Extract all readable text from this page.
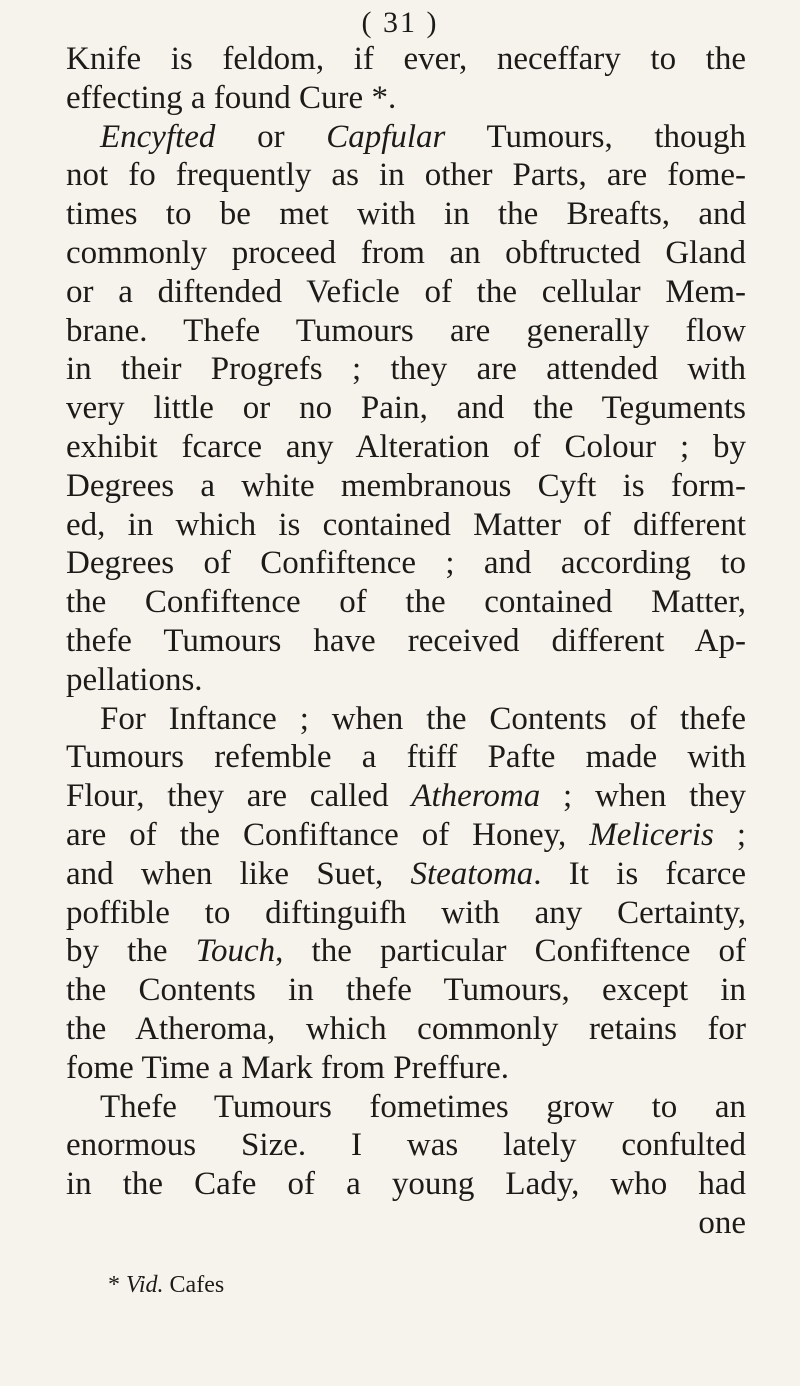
( 31 )
Knife is feldom, if ever, neceffary to the
effecting a found Cure *.
Encyfted or Capfular Tumours, though
not fo frequently as in other Parts, are fome-
times to be met with in the Breafts, and
commonly proceed from an obftructed Gland
or a diftended Veficle of the cellular Mem-
brane. Thefe Tumours are generally flow
in their Progrefs ; they are attended with
very little or no Pain, and the Teguments
exhibit fcarce any Alteration of Colour ; by
Degrees a white membranous Cyft is form-
ed, in which is contained Matter of different
Degrees of Confiftence ; and according to
the Confiftence of the contained Matter,
thefe Tumours have received different Ap-
pellations.
For Inftance ; when the Contents of thefe
Tumours refemble a ftiff Pafte made with
Flour, they are called Atheroma ; when they
are of the Confiftance of Honey, Meliceris ;
and when like Suet, Steatoma. It is fcarce
poffible to diftinguifh with any Certainty,
by the Touch, the particular Confiftence of
the Contents in thefe Tumours, except in
the Atheroma, which commonly retains for
fome Time a Mark from Preffure.
Thefe Tumours fometimes grow to an
enormous Size. I was lately confulted
in the Cafe of a young Lady, who had
one
* Vid. Cafes
